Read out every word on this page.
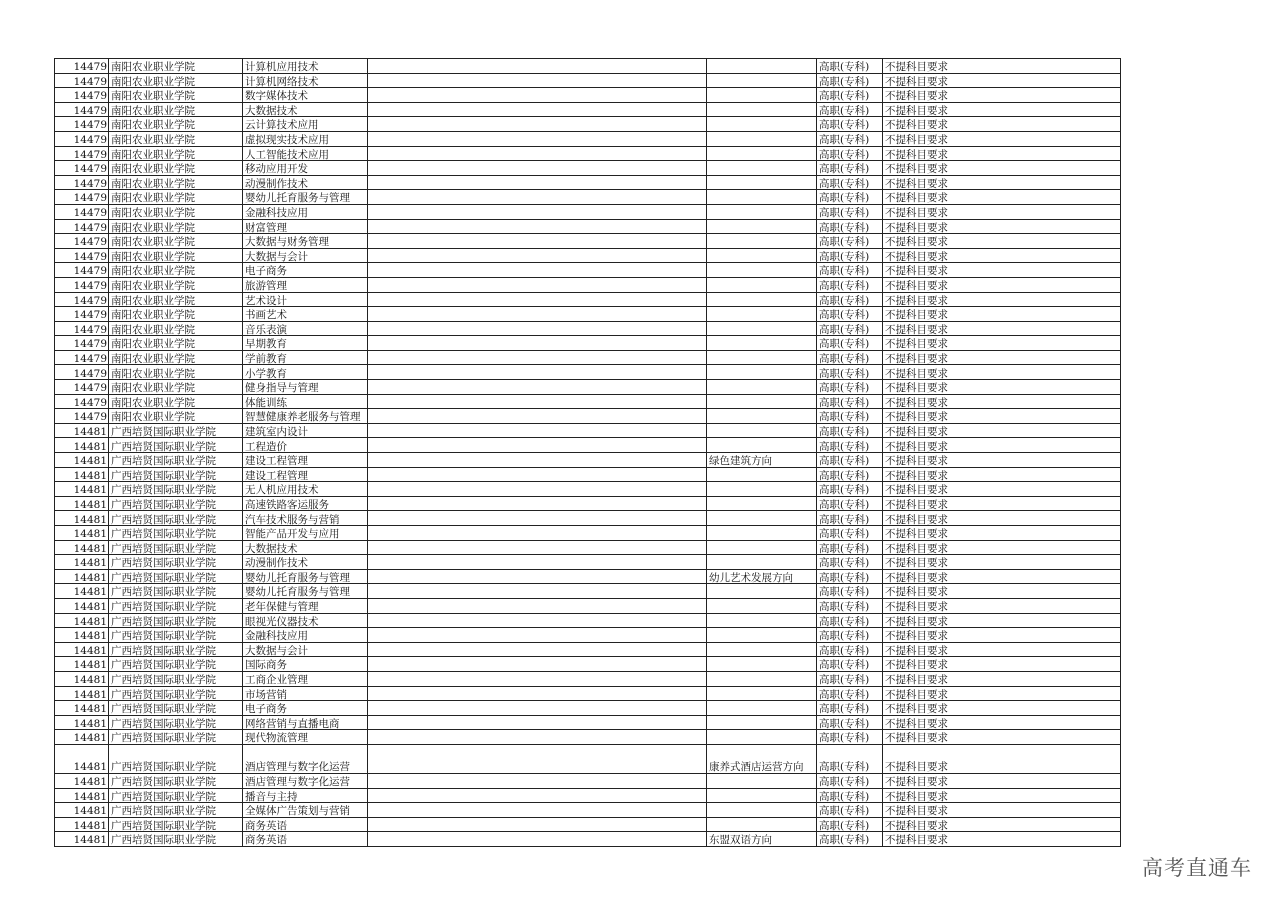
14479	南阳农业职业学院	计算机应用技术			高职(专科)	不提科目要求
14479	南阳农业职业学院	计算机网络技术			高职(专科)	不提科目要求
14479	南阳农业职业学院	数字媒体技术			高职(专科)	不提科目要求
14479	南阳农业职业学院	大数据技术			高职(专科)	不提科目要求
14479	南阳农业职业学院	云计算技术应用			高职(专科)	不提科目要求
14479	南阳农业职业学院	虚拟现实技术应用			高职(专科)	不提科目要求
14479	南阳农业职业学院	人工智能技术应用			高职(专科)	不提科目要求
14479	南阳农业职业学院	移动应用开发			高职(专科)	不提科目要求
14479	南阳农业职业学院	动漫制作技术			高职(专科)	不提科目要求
14479	南阳农业职业学院	婴幼儿托育服务与管理			高职(专科)	不提科目要求
14479	南阳农业职业学院	金融科技应用			高职(专科)	不提科目要求
14479	南阳农业职业学院	财富管理			高职(专科)	不提科目要求
14479	南阳农业职业学院	大数据与财务管理			高职(专科)	不提科目要求
14479	南阳农业职业学院	大数据与会计			高职(专科)	不提科目要求
14479	南阳农业职业学院	电子商务			高职(专科)	不提科目要求
14479	南阳农业职业学院	旅游管理			高职(专科)	不提科目要求
14479	南阳农业职业学院	艺术设计			高职(专科)	不提科目要求
14479	南阳农业职业学院	书画艺术			高职(专科)	不提科目要求
14479	南阳农业职业学院	音乐表演			高职(专科)	不提科目要求
14479	南阳农业职业学院	早期教育			高职(专科)	不提科目要求
14479	南阳农业职业学院	学前教育			高职(专科)	不提科目要求
14479	南阳农业职业学院	小学教育			高职(专科)	不提科目要求
14479	南阳农业职业学院	健身指导与管理			高职(专科)	不提科目要求
14479	南阳农业职业学院	体能训练			高职(专科)	不提科目要求
14479	南阳农业职业学院	智慧健康养老服务与管理			高职(专科)	不提科目要求
14481	广西培贤国际职业学院	建筑室内设计			高职(专科)	不提科目要求
14481	广西培贤国际职业学院	工程造价			高职(专科)	不提科目要求
14481	广西培贤国际职业学院	建设工程管理		绿色建筑方向	高职(专科)	不提科目要求
14481	广西培贤国际职业学院	建设工程管理			高职(专科)	不提科目要求
14481	广西培贤国际职业学院	无人机应用技术			高职(专科)	不提科目要求
14481	广西培贤国际职业学院	高速铁路客运服务			高职(专科)	不提科目要求
14481	广西培贤国际职业学院	汽车技术服务与营销			高职(专科)	不提科目要求
14481	广西培贤国际职业学院	智能产品开发与应用			高职(专科)	不提科目要求
14481	广西培贤国际职业学院	大数据技术			高职(专科)	不提科目要求
14481	广西培贤国际职业学院	动漫制作技术			高职(专科)	不提科目要求
14481	广西培贤国际职业学院	婴幼儿托育服务与管理		幼儿艺术发展方向	高职(专科)	不提科目要求
14481	广西培贤国际职业学院	婴幼儿托育服务与管理			高职(专科)	不提科目要求
14481	广西培贤国际职业学院	老年保健与管理			高职(专科)	不提科目要求
14481	广西培贤国际职业学院	眼视光仪器技术			高职(专科)	不提科目要求
14481	广西培贤国际职业学院	金融科技应用			高职(专科)	不提科目要求
14481	广西培贤国际职业学院	大数据与会计			高职(专科)	不提科目要求
14481	广西培贤国际职业学院	国际商务			高职(专科)	不提科目要求
14481	广西培贤国际职业学院	工商企业管理			高职(专科)	不提科目要求
14481	广西培贤国际职业学院	市场营销			高职(专科)	不提科目要求
14481	广西培贤国际职业学院	电子商务			高职(专科)	不提科目要求
14481	广西培贤国际职业学院	网络营销与直播电商			高职(专科)	不提科目要求
14481	广西培贤国际职业学院	现代物流管理			高职(专科)	不提科目要求
14481	广西培贤国际职业学院	酒店管理与数字化运营		康养式酒店运营方向	高职(专科)	不提科目要求
14481	广西培贤国际职业学院	酒店管理与数字化运营			高职(专科)	不提科目要求
14481	广西培贤国际职业学院	播音与主持			高职(专科)	不提科目要求
14481	广西培贤国际职业学院	全媒体广告策划与营销			高职(专科)	不提科目要求
14481	广西培贤国际职业学院	商务英语			高职(专科)	不提科目要求
14481	广西培贤国际职业学院	商务英语		东盟双语方向	高职(专科)	不提科目要求
高考直通车
